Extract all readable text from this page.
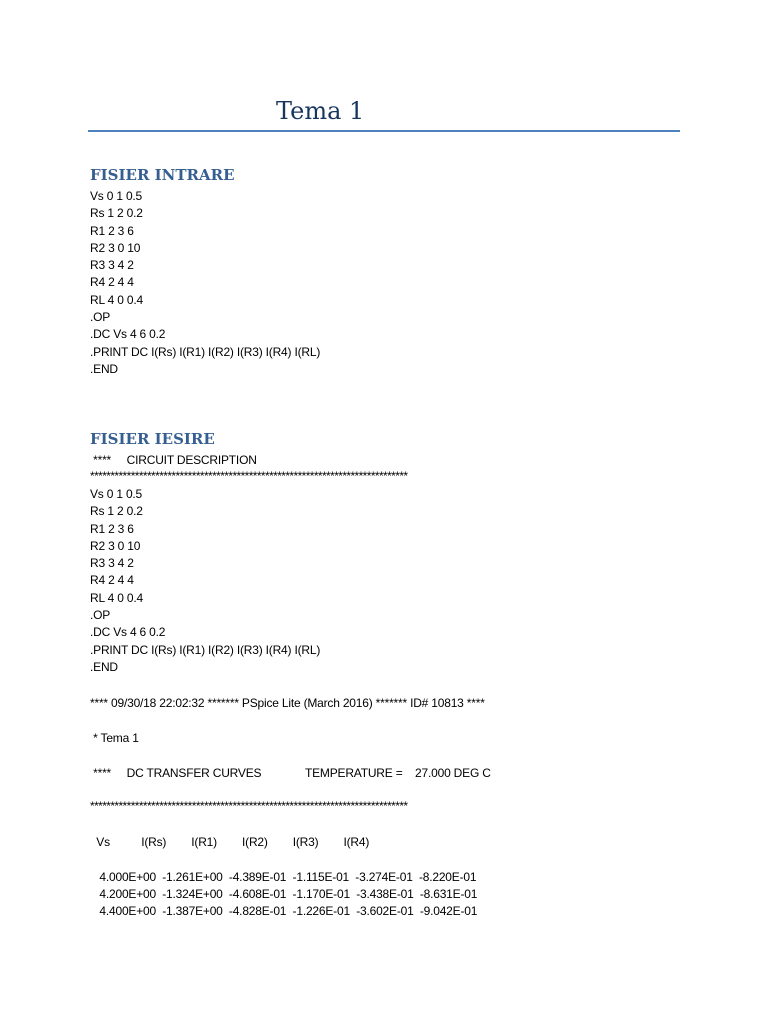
Tema 1
FISIER INTRARE
Vs 0 1 0.5
Rs 1 2 0.2
R1 2 3 6
R2 3 0 10
R3 3 4 2
R4 2 4 4
RL 4 0 0.4
.OP
.DC Vs 4 6 0.2
.PRINT DC I(Rs) I(R1) I(R2) I(R3) I(R4) I(RL)
.END
FISIER IESIRE
****     CIRCUIT DESCRIPTION
******************************************************************************
Vs 0 1 0.5
Rs 1 2 0.2
R1 2 3 6
R2 3 0 10
R3 3 4 2
R4 2 4 4
RL 4 0 0.4
.OP
.DC Vs 4 6 0.2
.PRINT DC I(Rs) I(R1) I(R2) I(R3) I(R4) I(RL)
.END
**** 09/30/18 22:02:32 ******* PSpice Lite (March 2016) ******* ID# 10813 ****
* Tema 1
****     DC TRANSFER CURVES              TEMPERATURE =    27.000 DEG C
******************************************************************************
Vs          I(Rs)        I(R1)        I(R2)        I(R3)        I(R4)
4.000E+00  -1.261E+00  -4.389E-01  -1.115E-01  -3.274E-01  -8.220E-01
4.200E+00  -1.324E+00  -4.608E-01  -1.170E-01  -3.438E-01  -8.631E-01
4.400E+00  -1.387E+00  -4.828E-01  -1.226E-01  -3.602E-01  -9.042E-01
